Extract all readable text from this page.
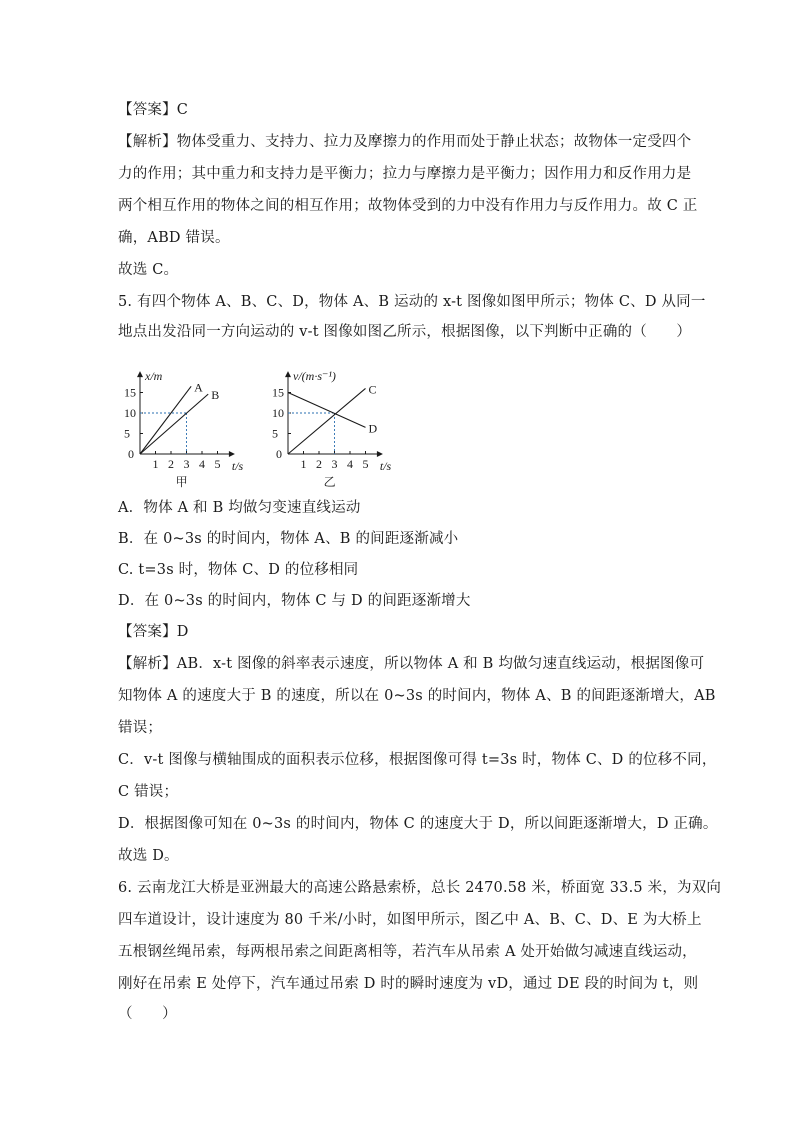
【答案】C
【解析】物体受重力、支持力、拉力及摩擦力的作用而处于静止状态；故物体一定受四个
力的作用；其中重力和支持力是平衡力；拉力与摩擦力是平衡力；因作用力和反作用力是
两个相互作用的物体之间的相互作用；故物体受到的力中没有作用力与反作用力。故 C 正
确，ABD 错误。
故选 C。
5. 有四个物体 A、B、C、D，物体 A、B 运动的 x-t 图像如图甲所示；物体 C、D 从同一
地点出发沿同一方向运动的 v-t 图像如图乙所示，根据图像，以下判断中正确的（　　）
x/m
t/s
0
1 2 3 4 5
5
10
15	A
B
甲
v/(m·s⁻¹)
t/s
0
1 2 3 4 5
5
10
15	C
D
乙
A．物体 A 和 B 均做匀变速直线运动
B．在 0~3s 的时间内，物体 A、B 的间距逐渐减小
C. t=3s 时，物体 C、D 的位移相同
D．在 0~3s 的时间内，物体 C 与 D 的间距逐渐增大
【答案】D
【解析】AB．x-t 图像的斜率表示速度，所以物体 A 和 B 均做匀速直线运动，根据图像可
知物体 A 的速度大于 B 的速度，所以在 0~3s 的时间内，物体 A、B 的间距逐渐增大，AB
错误；
C．v-t 图像与横轴围成的面积表示位移，根据图像可得 t=3s 时，物体 C、D 的位移不同，
C 错误；
D．根据图像可知在 0~3s 的时间内，物体 C 的速度大于 D，所以间距逐渐增大，D 正确。
故选 D。
6. 云南龙江大桥是亚洲最大的高速公路悬索桥，总长 2470.58 米，桥面宽 33.5 米，为双向
四车道设计，设计速度为 80 千米/小时，如图甲所示，图乙中 A、B、C、D、E 为大桥上
五根钢丝绳吊索，每两根吊索之间距离相等，若汽车从吊索 A 处开始做匀减速直线运动，
刚好在吊索 E 处停下，汽车通过吊索 D 时的瞬时速度为 vD，通过 DE 段的时间为 t，则
（　　）
